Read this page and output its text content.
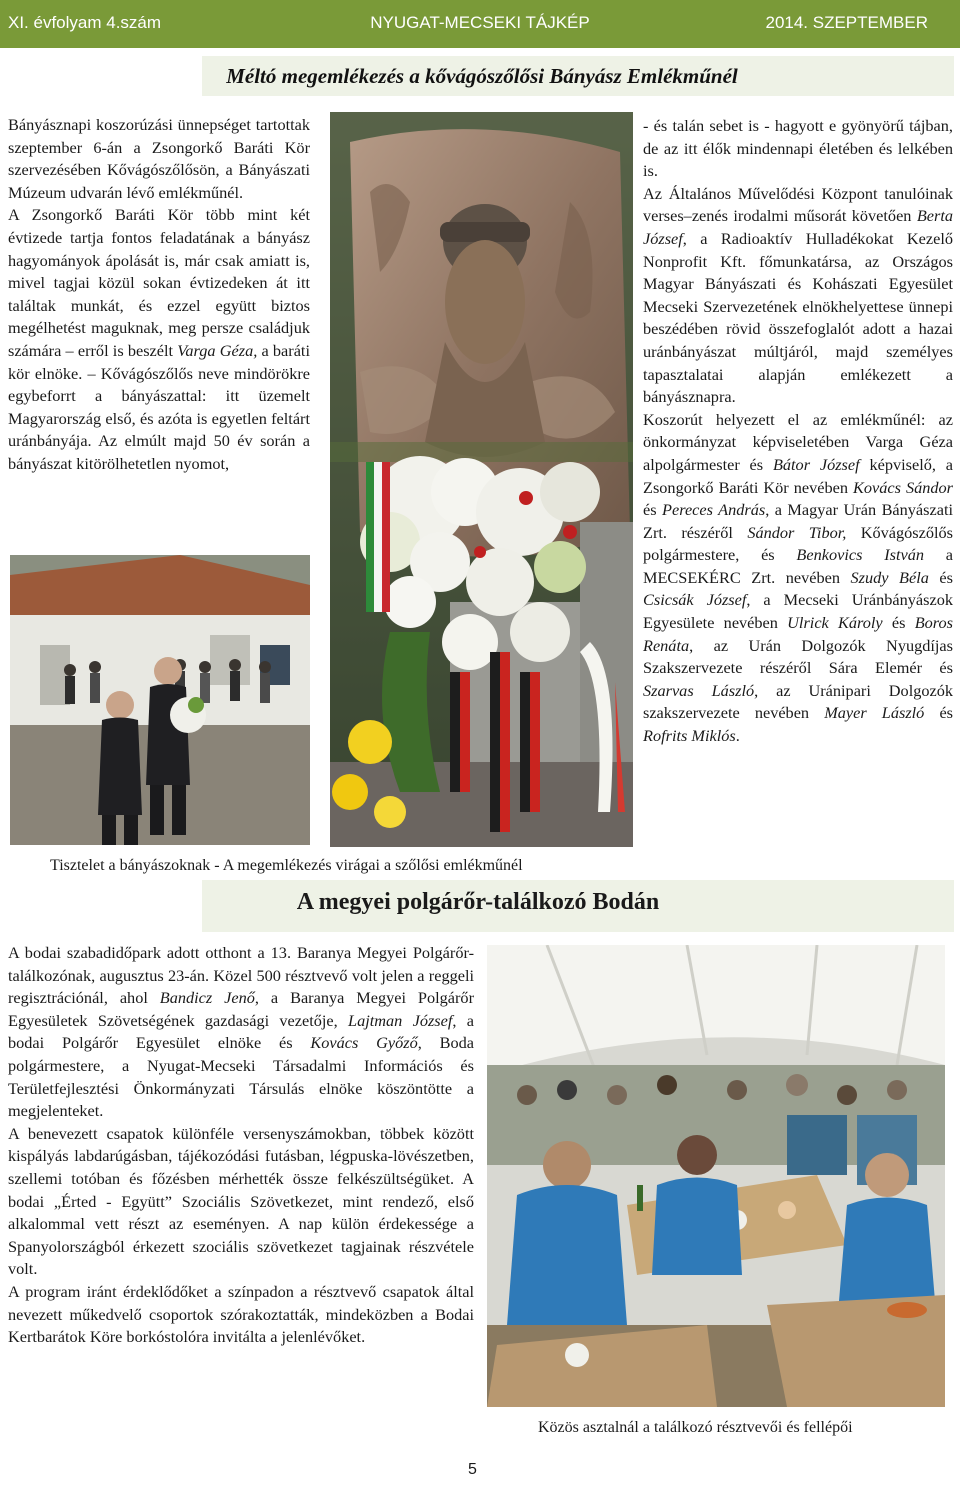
XI. évfolyam 4.szám	NYUGAT-MECSEKI TÁJKÉP	2014. SZEPTEMBER
Méltó megemlékezés a kővágószőlősi Bányász Emlékműnél

Bányásznapi koszorúzási ünnepséget tartottak szeptember 6-án a Zsongorkő Baráti Kör szervezésében Kővágószőlősön, a Bányászati Múzeum udvarán lévő emlékműnél.

A Zsongorkő Baráti Kör több mint két évtizede tartja fontos feladatának a bányász hagyományok ápolását is, már csak amiatt is, mivel tagjai közül sokan évtizedeken át itt találtak munkát, és ezzel együtt biztos megélhetést maguknak, meg persze családjuk számára – erről is beszélt Varga Géza, a baráti kör elnöke. – Kővágószőlős neve mindörökre egybeforrt a bányászattal: itt üzemelt Magyarország első, és azóta is egyetlen feltárt uránbányája. Az elmúlt majd 50 év során a bányászat kitörölhetetlen nyomot,

- és talán sebet is - hagyott e gyönyörű tájban, de az itt élők mindennapi életében és lelkében is.

Az Általános Művelődési Központ tanulóinak verses–zenés irodalmi műsorát követően Berta József, a Radioaktív Hulladékokat Kezelő Nonprofit Kft. főmunkatársa, az Országos Magyar Bányászati és Kohászati Egyesület Mecseki Szervezetének elnökhelyettese ünnepi beszédében rövid összefoglalót adott a hazai uránbányászat múltjáról, majd személyes tapasztalatai alapján emlékezett a bányásznapra.

Koszorút helyezett el az emlékműnél: az önkormányzat képviseletében Varga Géza alpolgármester és Bátor József képviselő, a Zsongorkő Baráti Kör nevében Kovács Sándor és Pereces András, a Magyar Urán Bányászati Zrt. részéről Sándor Tibor, Kővágószőlős polgármestere, és Benkovics István a MECSEKÉRC Zrt. nevében Szudy Béla és Csicsák József, a Mecseki Uránbányászok Egyesülete nevében Ulrick Károly és Boros Renáta, az Urán Dolgozók Nyugdíjas Szakszervezete részéről Sára Elemér és Szarvas László, az Uránipari Dolgozók szakszervezete nevében Mayer László és Rofrits Miklós.

Tisztelet a bányászoknak - A megemlékezés virágai a szőlősi emlékműnél
A megyei polgárőr-találkozó Bodán

A bodai szabadidőpark adott otthont a 13. Baranya Megyei Polgárőr-találkozónak, augusztus 23-án. Közel 500 résztvevő volt jelen a reggeli regisztrációnál, ahol Bandicz Jenő, a Baranya Megyei Polgárőr Egyesületek Szövetségének gazdasági vezetője, Lajtman József, a bodai Polgárőr Egyesület elnöke és Kovács Győző, Boda polgármestere, a Nyugat-Mecseki Társadalmi Információs és Területfejlesztési Önkormányzati Társulás elnöke köszöntötte a megjelenteket.

A benevezett csapatok különféle versenyszámokban, többek között kispályás labdarúgásban, tájékozódási futásban, légpuska-lövészetben, szellemi totóban és főzésben mérhették össze felkészültségüket. A bodai „Érted - Együtt” Szociális Szövetkezet, mint rendező, első alkalommal vett részt az eseményen. A nap külön érdekessége a Spanyolországból érkezett szociális szövetkezet tagjainak részvétele volt.

A program iránt érdeklődőket a színpadon a résztvevő csapatok által nevezett műkedvelő csoportok szórakoztatták, mindeközben a Bodai Kertbarátok Köre borkóstolóra invitálta a jelenlévőket.

Közös asztalnál a találkozó résztvevői és fellépői
5
